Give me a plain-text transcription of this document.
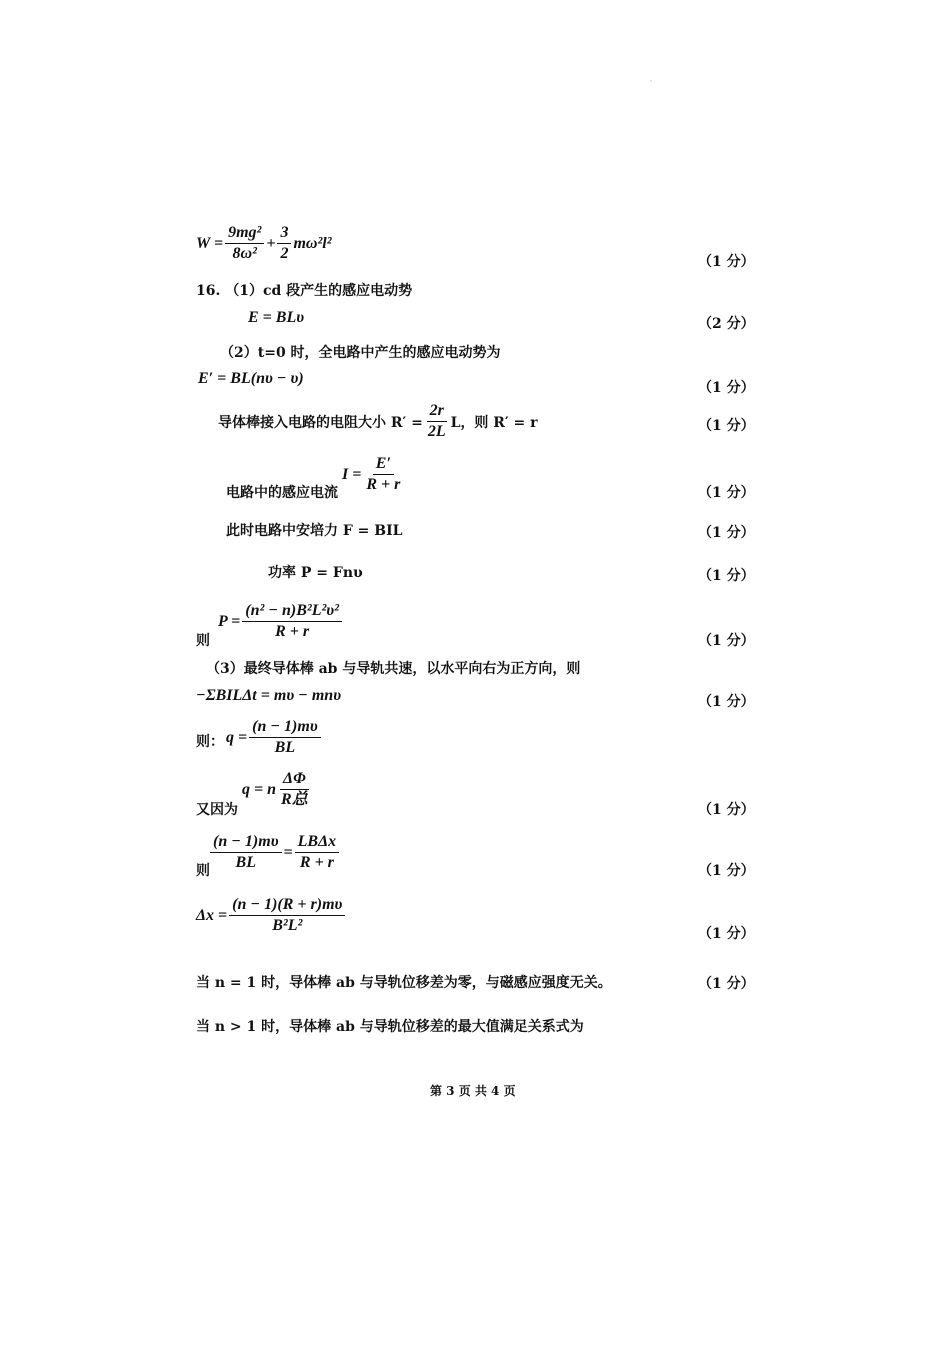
·
$W = \frac{\text{9mg²}}{\text{8ω²}} + \frac{3}{2} m\omega^2l^2$
（1 分）
16. （1）cd 段产生的感应电动势
E = BLυ	（2 分）
（2）t=0 时，全电路中产生的感应电动势为
E′ = BL(nυ − υ)
（1 分）
导体棒接入电路的电阻大小 $R' = \frac{2r}{2L}$ L，则 R′ = r	（1 分）
电路中的感应电流
$I = \frac{E'}{R + r}$	（1 分）
此时电路中安培力 F = BIL	（1 分）
功率 P = Fnυ	（1 分）
则
$P = \frac{\text{(n² − n)B²L²υ²}}{R + r}$	（1 分）
（3）最终导体棒 ab 与导轨共速，以水平向右为正方向，则
−ΣBILΔt = mυ − mnυ	（1 分）
则： $q = \frac{(n - 1)m\upsilon}{BL}$
又因为
q = n $\frac{\Delta\Phi}{\text{R总}}$
（1 分）
则 $\frac{(n - 1)m\upsilon}{BL} = \frac{\text{LBΔx}}{R + r}$	（1 分）
$\Delta x = \frac{(n - 1)(R + r)m\upsilon}{\text{B²L²}}$	（1 分）
当 n = 1 时，导体棒 ab 与导轨位移差为零，与磁感应强度无关。	（1 分）
当 n > 1 时，导体棒 ab 与导轨位移差的最大值满足关系式为
第 3 页 共 4 页
